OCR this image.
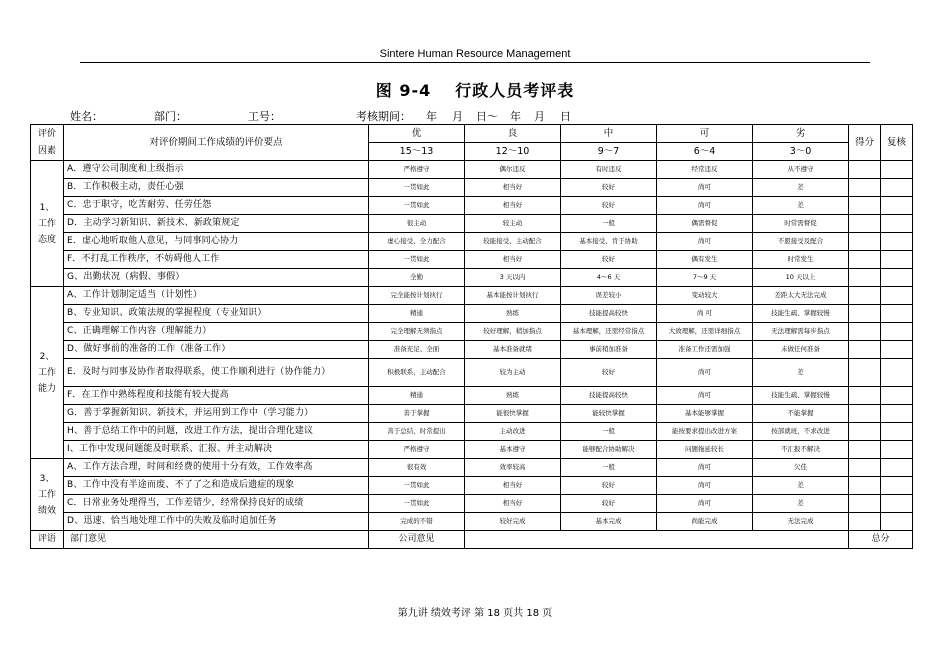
Sintere Human Resource Management
图 9-4 行政人员考评表
姓名：	部门：	工号：	考核期间： 年 月 日～ 年 月 日
评价因素	对评价期间工作成绩的评价要点	优	良	中	可	劣	得分	复核
		15～13	12～10	9～7	6～4	3～0		

1、
工作
态度	A．遵守公司制度和上级指示	严格遵守	偶尔违反	有时违反	经常违反	从不遵守		
	B．工作积极主动，责任心强	一贯如此	相当好	较好	尚可	差		
	C．忠于职守，吃苦耐劳、任劳任怨	一贯如此	相当好	较好	尚可	差		
	D．主动学习新知识、新技术、新政策规定	很主动	较主动	一般	偶需督促	时常需督促		
	E．虚心地听取他人意见，与同事同心协力	虚心接受、全力配合	较能接受、主动配合	基本接受、肯于协助	尚可	不愿接受及配合		
	F．不打乱工作秩序，不妨碍他人工作	一贯如此	相当好	较好	偶有发生	时常发生		
	G、出勤状况（病假、事假）	全勤	3 天以内	4～6 天	7～9 天	10 天以上		

2、
工作
能力	A、工作计划制定适当（计划性）	完全能按计划执行	基本能按计划执行	误差较小	变动较大	差距太大无法完成		
	B、专业知识、政策法规的掌握程度（专业知识）	精通	熟练	技能提高较快	尚 可	技能生疏、掌握较慢		
	C、正确理解工作内容（理解能力）	完全理解无须指点	较好理解，稍加指点	基本理解，还需经常指点	大致理解，还需详细指点	无法理解需每步指点		
	D、做好事前的准备的工作（准备工作）	准备充足、全面	基本准备就绪	事前稍加准备	准备工作还需加强	未做任何准备		
	E．及时与同事及协作者取得联系，使工作顺利进行（协作能力）	积极联系，主动配合	较为主动	较好	尚可	差		
	F．在工作中熟练程度和技能有较大提高	精通	熟练	技能提高较快	尚可	技能生疏、掌握较慢		
	G．善于掌握新知识、新技术，并运用到工作中（学习能力）	善于掌握	能很快掌握	能较快掌握	基本能够掌握	不能掌握		
	H、善于总结工作中的问题，改进工作方法，提出合理化建议	善于总结，时常提出	主动改进	一般	能按要求提出改进方案	按部就班，不求改进		
	I、工作中发现问题能及时联系、汇报、并主动解决	严格遵守	基本遵守	能够配合协助解决	问题拖延较长	不汇报不解决		

3、
工作
绩效	A、工作方法合理，时间和经费的使用十分有效，工作效率高	很有效	效率较高	一般	尚可	欠佳		
	B、工作中没有半途而废、不了了之和造成后遗症的现象	一贯如此	相当好	较好	尚可	差		
	C．日常业务处理得当，工作差错少，经常保持良好的成绩	一贯如此	相当好	较好	尚可	差		
	D、迅速、恰当地处理工作中的失败及临时追加任务	完成的不错	较好完成	基本完成	尚能完成	无法完成		
评语	部门意见	公司意见					总分	
第九讲 绩效考评 第 18 页共 18 页
